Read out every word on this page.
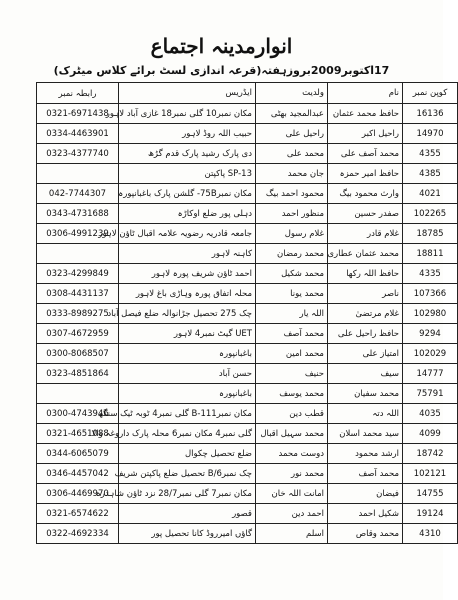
انوارمدینہ اجتماع
17اکتوبر2009بروزہفتہ(قرعہ اندازی لسٹ برائے کلاس میٹرک)
رابطہ نمبر	ایڈریس	ولدیت	نام	کوپن نمبر
0321-6971438	مکان نمبر10 گلی نمبر18 غازی آباد لاہور	عبدالمجید بھٹی	حافظ محمد عثمان	16136
0334-4463901	حبیب اللہ روڈ لاہور	راحیل علی	راحیل اکبر	14970
0323-4377740	دی پارک رشید پارک قدم گڑھ	محمد علی	محمد آصف علی	4355
	SP-13 پاکپتن	جان محمد	حافظ امیر حمزہ	4385
042-7744307	مکان نمبر75B- گلشن پارک باغبانپورہ	محمود احمد بیگ	وارث محمود بیگ	4021
0343-4731688	دہلی پور ضلع اوکاڑہ	منظور احمد	صفدر حسین	102265
0306-4991239	جامعہ قادریہ رضویہ علامہ اقبال ٹاؤن لاہور	غلام رسول	غلام قادر	18785
	کاہنہ لاہور	محمد رمضان	محمد عثمان عطاری	18811
0323-4299849	احمد ٹاؤن شریف پورہ لاہور	محمد شکیل	حافظ اللہ رکھا	4335
0308-4431137	محلہ اتفاق پورہ وہاڑی باغ لاہور	محمد یونا	ناصر	107366
0333-8989275	چک 275 تحصیل جڑانوالہ ضلع فیصل آباد	اللہ یار	غلام مرتضیٰ	102980
0307-4672959	UET گیٹ نمبر4 لاہور	محمد آصف	حافظ راحیل علی	9294
0300-8068507	باغبانپورہ	محمد امین	امتیاز علی	102029
0323-4851864	حسن آباد	حنیف	سیف	14777
	باغبانپورہ	محمد یوسف	محمد سفیان	75791
0300-4743946	مکان نمبر111-B گلی نمبر4 ٹوبہ ٹیک سنگھ	قطب دین	اللہ دتہ	4035
0321-4651088	گلی نمبر4 مکان نمبر6 محلہ پارک داروغہ والا	محمد سہیل اقبال	سید محمد اسلان	4099
0344-6065079	ضلع تحصیل چکوال	دوست محمد	ارشد محمود	18742
0346-4457042	چک نمبر6/B تحصیل ضلع پاکپتن شریف	محمد نور	محمد آصف	102121
0306-4469970	مکان نمبر7 گلی نمبر28/7 نزد ٹاؤن شاہدرہ	امانت اللہ خان	فیضان	14755
0321-6574622	قصور	احمد دین	شکیل احمد	19124
0322-4692334	گاؤں امیرروڈ کانا تحصیل پور	اسلم	محمد وقاص	4310
